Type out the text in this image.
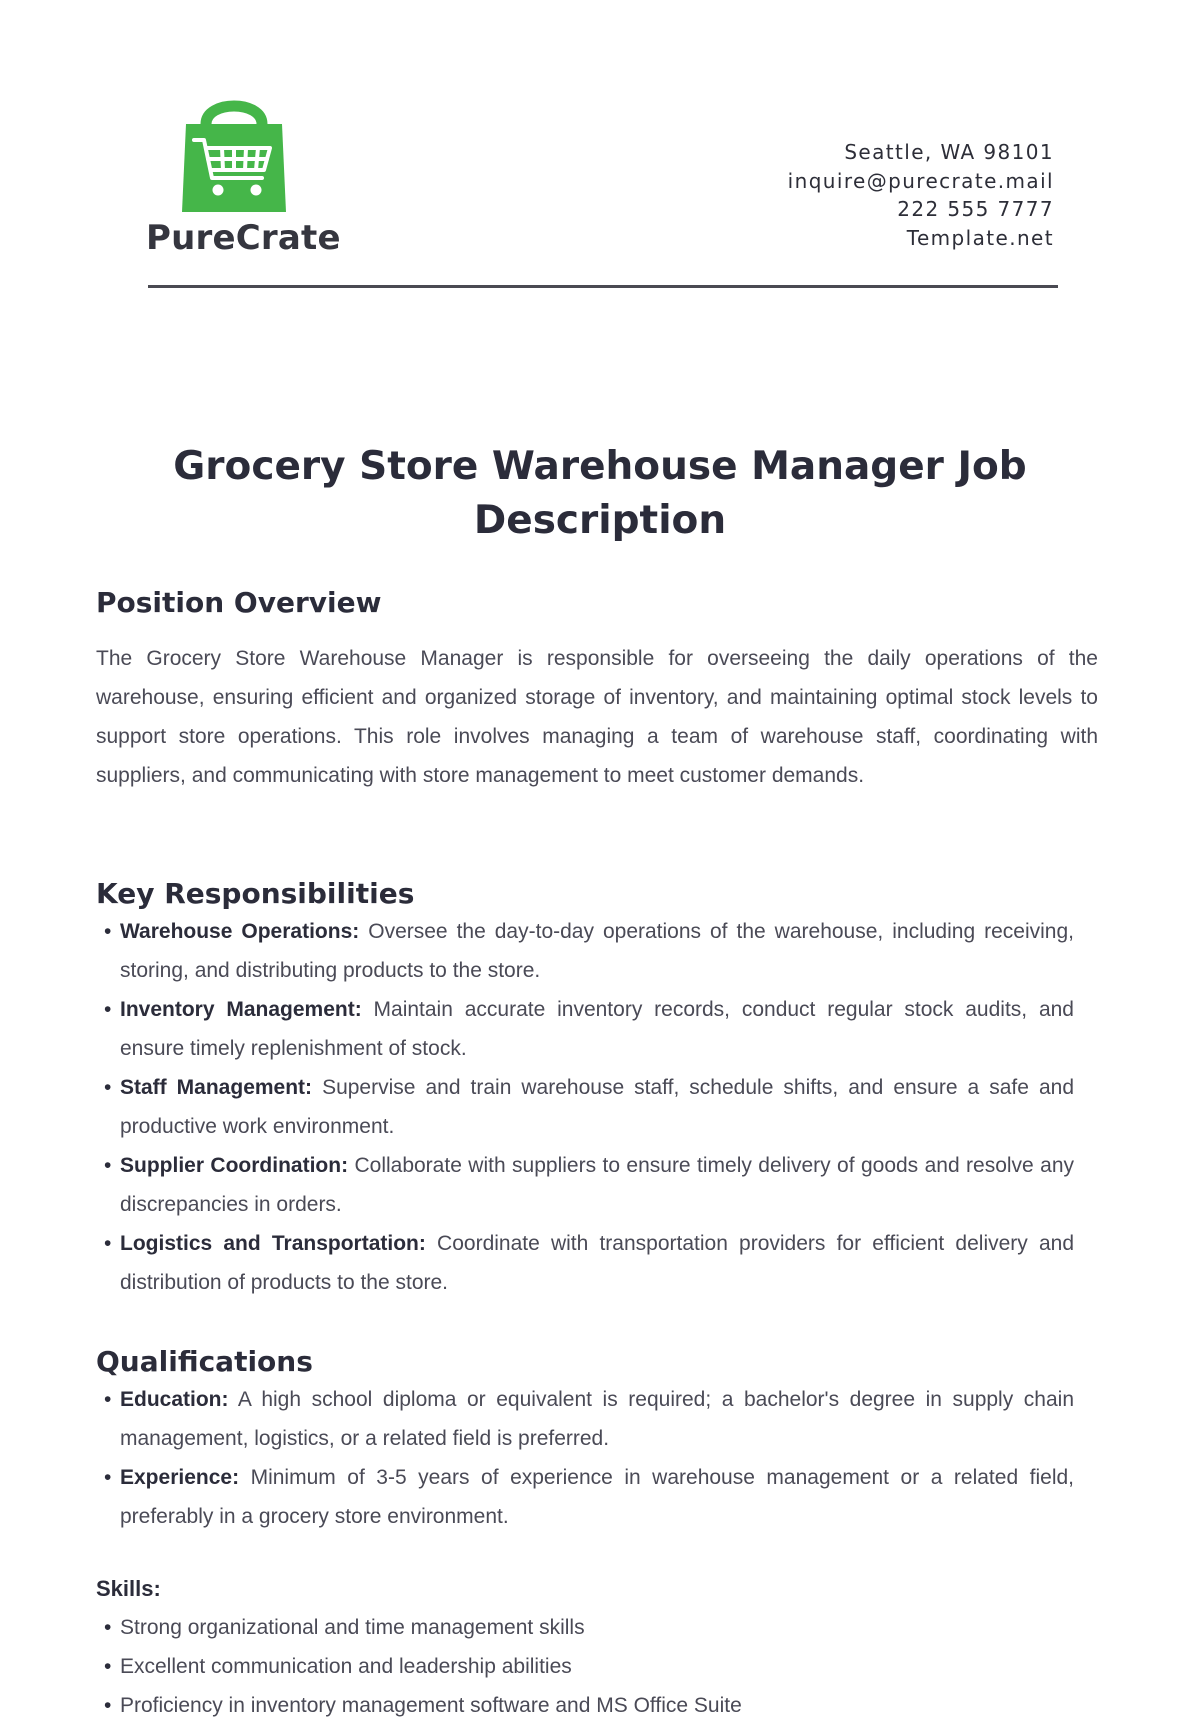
PureCrate
Seattle, WA 98101
inquire@purecrate.mail
222 555 7777
Template.net
Grocery Store Warehouse Manager Job Description
Position Overview

The Grocery Store Warehouse Manager is responsible for overseeing the daily operations of the warehouse, ensuring efficient and organized storage of inventory, and maintaining optimal stock levels to support store operations. This role involves managing a team of warehouse staff, coordinating with suppliers, and communicating with store management to meet customer demands.

Key Responsibilities
• Warehouse Operations: Oversee the day-to-day operations of the warehouse, including receiving, storing, and distributing products to the store.
• Inventory Management: Maintain accurate inventory records, conduct regular stock audits, and ensure timely replenishment of stock.
• Staff Management: Supervise and train warehouse staff, schedule shifts, and ensure a safe and productive work environment.
• Supplier Coordination: Collaborate with suppliers to ensure timely delivery of goods and resolve any discrepancies in orders.
• Logistics and Transportation: Coordinate with transportation providers for efficient delivery and distribution of products to the store.
Qualifications
• Education: A high school diploma or equivalent is required; a bachelor's degree in supply chain management, logistics, or a related field is preferred.
• Experience: Minimum of 3-5 years of experience in warehouse management or a related field, preferably in a grocery store environment.

Skills:

• Strong organizational and time management skills
• Excellent communication and leadership abilities
• Proficiency in inventory management software and MS Office Suite
